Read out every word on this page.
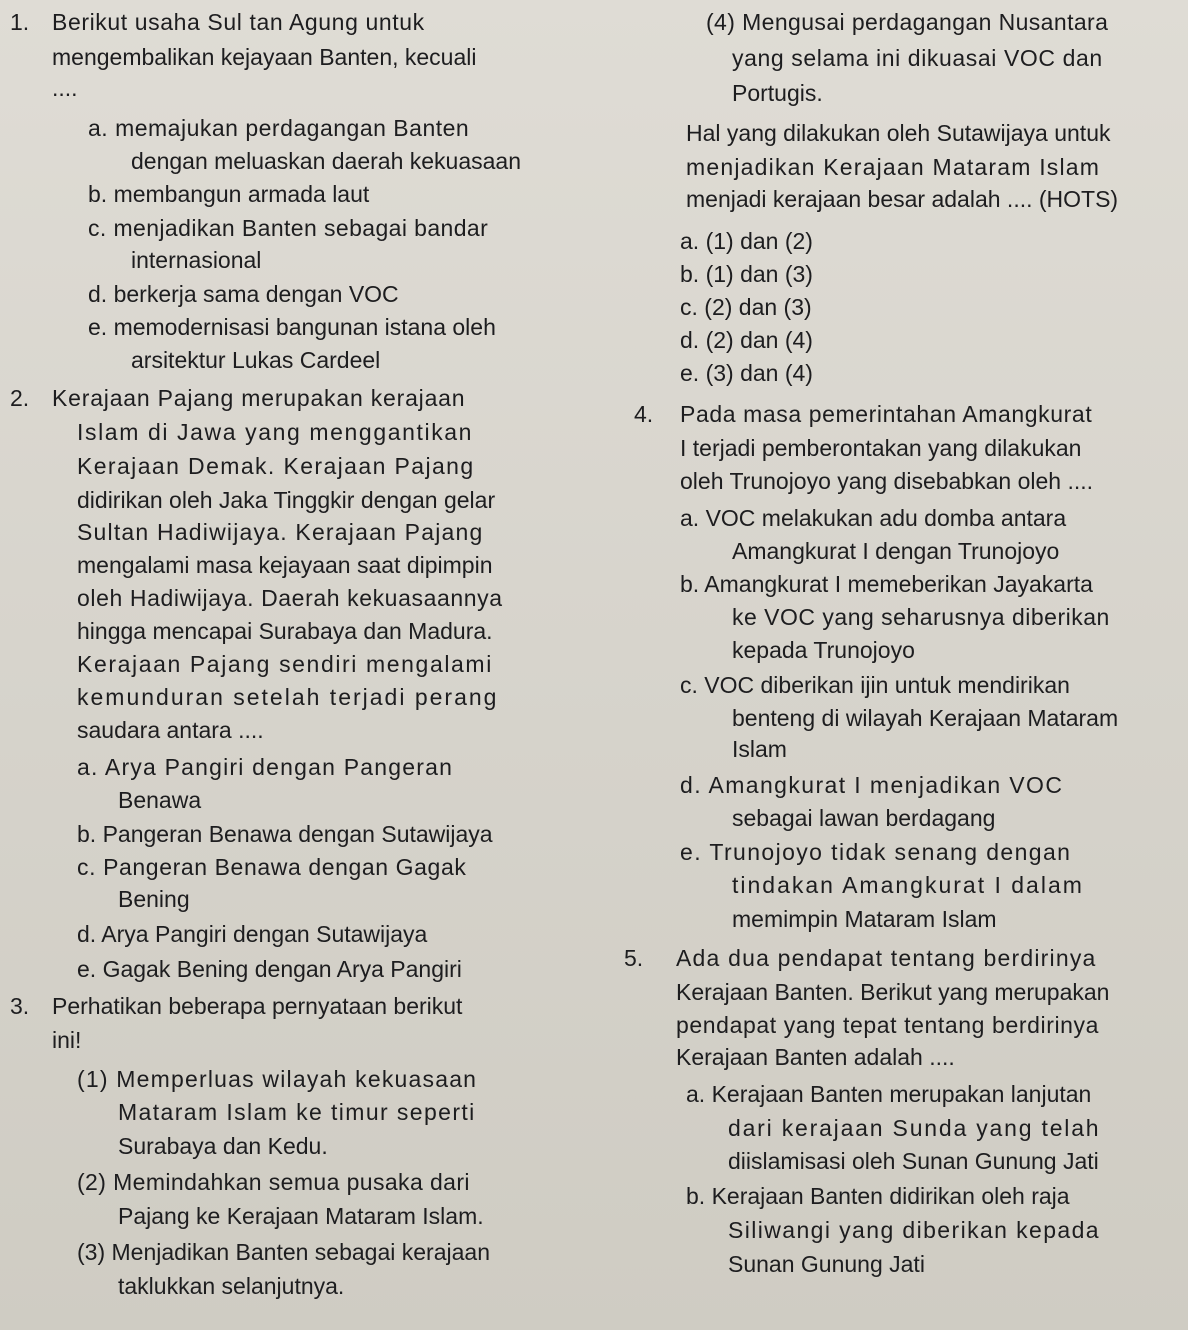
1. Berikut usaha Sul tan Agung untuk
mengembalikan kejayaan Banten, kecuali
....
a. memajukan perdagangan Banten
dengan meluaskan daerah kekuasaan
b. membangun armada laut
c. menjadikan Banten sebagai bandar
internasional
d. berkerja sama dengan VOC
e. memodernisasi bangunan istana oleh
arsitektur Lukas Cardeel
2. Kerajaan Pajang merupakan kerajaan
Islam di Jawa yang menggantikan
Kerajaan Demak. Kerajaan Pajang
didirikan oleh Jaka Tinggkir dengan gelar
Sultan Hadiwijaya. Kerajaan Pajang
mengalami masa kejayaan saat dipimpin
oleh Hadiwijaya. Daerah kekuasaannya
hingga mencapai Surabaya dan Madura.
Kerajaan Pajang sendiri mengalami
kemunduran setelah terjadi perang
saudara antara ....
a. Arya Pangiri dengan Pangeran
Benawa
b. Pangeran Benawa dengan Sutawijaya
c. Pangeran Benawa dengan Gagak
Bening
d. Arya Pangiri dengan Sutawijaya
e. Gagak Bening dengan Arya Pangiri
3. Perhatikan beberapa pernyataan berikut
ini!
(1) Memperluas wilayah kekuasaan
Mataram Islam ke timur seperti
Surabaya dan Kedu.
(2) Memindahkan semua pusaka dari
Pajang ke Kerajaan Mataram Islam.
(3) Menjadikan Banten sebagai kerajaan
taklukkan selanjutnya.
(4) Mengusai perdagangan Nusantara
yang selama ini dikuasai VOC dan
Portugis.
Hal yang dilakukan oleh Sutawijaya untuk
menjadikan Kerajaan Mataram Islam
menjadi kerajaan besar adalah .... (HOTS)
a. (1) dan (2)
b. (1) dan (3)
c. (2) dan (3)
d. (2) dan (4)
e. (3) dan (4)
4. Pada masa pemerintahan Amangkurat
I terjadi pemberontakan yang dilakukan
oleh Trunojoyo yang disebabkan oleh ....
a. VOC melakukan adu domba antara
Amangkurat I dengan Trunojoyo
b. Amangkurat I memeberikan Jayakarta
ke VOC yang seharusnya diberikan
kepada Trunojoyo
c. VOC diberikan ijin untuk mendirikan
benteng di wilayah Kerajaan Mataram
Islam
d. Amangkurat I menjadikan VOC
sebagai lawan berdagang
e. Trunojoyo tidak senang dengan
tindakan Amangkurat I dalam
memimpin Mataram Islam
5. Ada dua pendapat tentang berdirinya
Kerajaan Banten. Berikut yang merupakan
pendapat yang tepat tentang berdirinya
Kerajaan Banten adalah ....
a. Kerajaan Banten merupakan lanjutan
dari kerajaan Sunda yang telah
diislamisasi oleh Sunan Gunung Jati
b. Kerajaan Banten didirikan oleh raja
Siliwangi yang diberikan kepada
Sunan Gunung Jati
